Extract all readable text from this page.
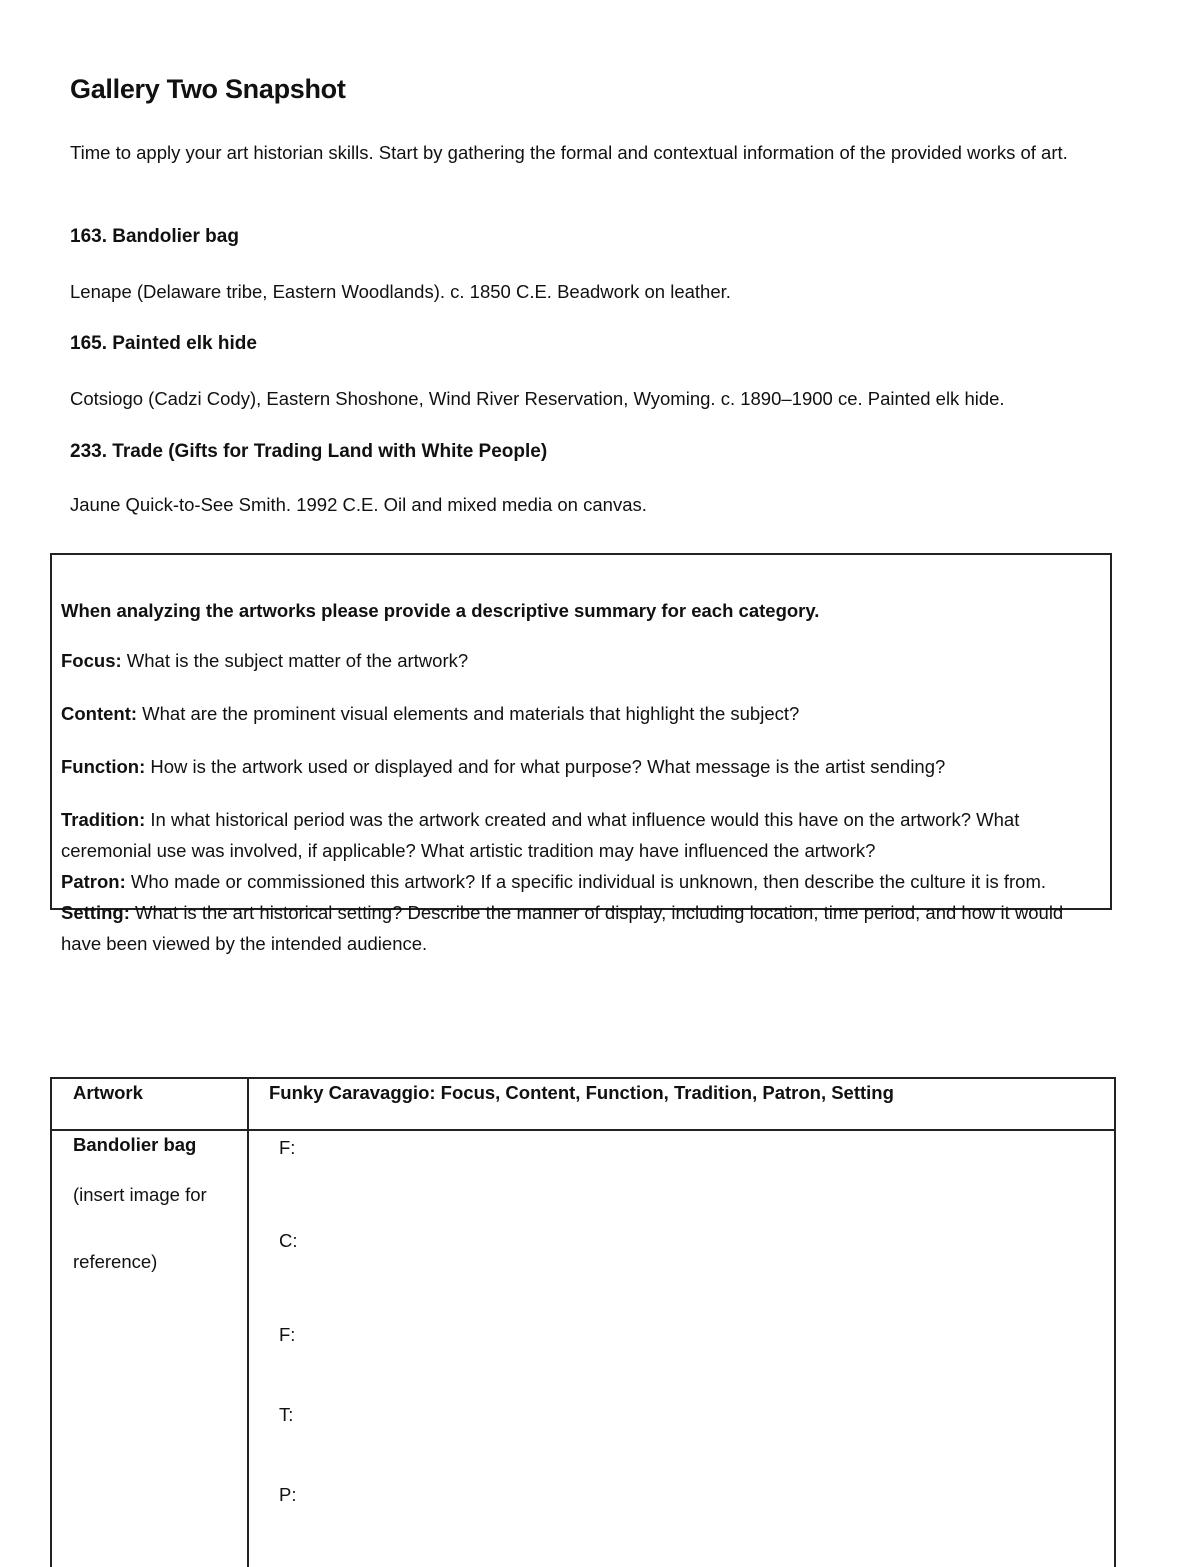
Gallery Two Snapshot

Time to apply your art historian skills. Start by gathering the formal and contextual information of the provided works of art.

163. Bandolier bag
Lenape (Delaware tribe, Eastern Woodlands). c. 1850 C.E. Beadwork on leather.
165. Painted elk hide
Cotsiogo (Cadzi Cody), Eastern Shoshone, Wind River Reservation, Wyoming. c. 1890–1900 ce. Painted elk hide.
233. Trade (Gifts for Trading Land with White People)
Jaune Quick-to-See Smith. 1992 C.E. Oil and mixed media on canvas.
When analyzing the artworks please provide a descriptive summary for each category.

Focus: What is the subject matter of the artwork?

Content: What are the prominent visual elements and materials that highlight the subject?

Function: How is the artwork used or displayed and for what purpose? What message is the artist sending?

Tradition: In what historical period was the artwork created and what influence would this have on the artwork? What ceremonial use was involved, if applicable? What artistic tradition may have influenced the artwork?

Patron: Who made or commissioned this artwork? If a specific individual is unknown, then describe the culture it is from.

Setting: What is the art historical setting? Describe the manner of display, including location, time period, and how it would have been viewed by the intended audience.

Artwork	Funky Caravaggio: Focus, Content, Function, Tradition, Patron, Setting
Bandolier bag
(insert image for
reference)
F:
C:
F:
T:
P:
